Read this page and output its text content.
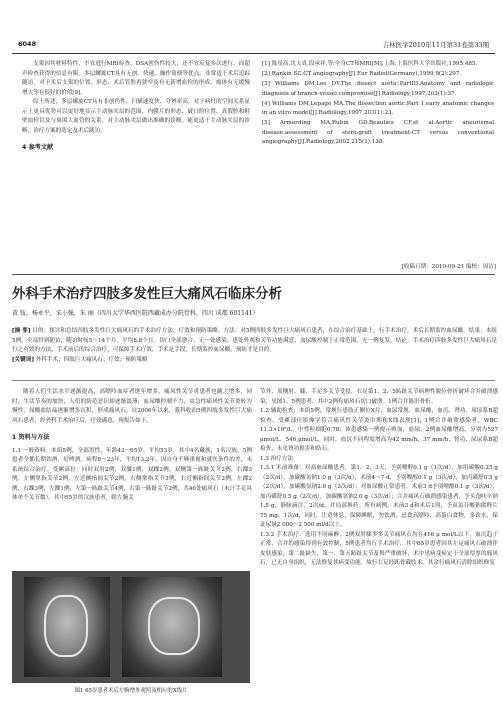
6048	吉林医学2010年11月第31卷第33期

支架因其材料特性，不宜进行MRI检查，DSA创伤性较大，还不宜反复多次进行。而超声检查获得的信息有限。多层螺旋CT具有无创、快速、操作简便等优点，非常适于术后追踪随访，对于术后支架的位置、形态、术后管腔再狭窄及有无新增血栓的形成、瘤体有无缓慢增大等有很好的价值[9]。

综上所述，多层螺旋CT具有非创伤性、扫描速度快、分辨率高，对于病灶的空间关系显示上更具优势可以更好地显示主动脉夹层的范围、内膜片的形态、破口的位置、真假腔和附壁血栓以及与周围大血管的关系，对主动脉夹层做出准确的诊断。能更适于主动脉夹层的诊断、治疗方案的选定及术后随访。

4 参考文献

[1] 陈星高,沈天真,段承祥,等.全身CT和MRI[M].上海:上海医科大学出版社,1995:485.

[2] Rankin SC.CT angiography[J].Eur Radiol(Germany),1999,9(2):297.

[3] Williams DM,Lee DY.The dissect aortic:PartIII.Anatomy and radiologic diagnosis of branch-vessel compromise[J].Radiology,1997,203(1):37.

[4] Williams DM,Lepage MA.The dissection aortic.Part 1.early anatomic changes in an vitro model[J].Radiology,1997,203(1):23.

[5] Armerding MA,Rubin GD,Beaulieu CF,et al.Aortic aneurismal disease:assessment of stent-graft treatment-CT versus conventional angiography[J].Radiology,2002,215(1):138.

[收稿日期：2010-09-21 编校：周洁]
外科手术治疗四肢多发性巨大痛风石临床分析
黄 铵，杨永平，宋小强，朱 丽（四川大学华西医院西藏成办分院骨科，四川 成都 601141）

[摘 要] 目的：探讨和总结四肢多发性巨大痛风石的手术治疗方法、疗效和预防策略。方法：对5例四肢多发性巨大痛风石患者，在综合治疗基础上，行手术治疗，术后长期监控血尿酸。结果：本组5例，全部得到随访，随访时间5～14个月，平均8.8个月。切口全部愈合。无一处感染，患处外观和关节功能满意，血尿酸控制于正常范围，无一例复发。结论：手术治疗四肢多发性巨大痛风石是行之有效的方法，手术前后的综合治疗，可保障手术疗效，手术是手段，长期监控血尿酸，预防才是目的。

[关键词] 外科手术；四肢巨大痛风石；疗效；预防策略

随着人们生活水平逐渐提高，高嘌呤血症者逐年增多，痛风性关节炎患者也随之增多，同时，生活节奏的加快，人们的防范意识却逐渐淡薄，血尿酸控制不力，由急性痛风性关节炎转为慢性，尿酸盐结晶逐渐增多沉积，形成痛风石。自2006年以来，我科收治5例四肢多发性巨大痛风石患者，经外科手术治疗后，疗效满意，现报告如下。

1 资料与方法

1.1 一般资料：本组5例，全部男性，年龄43～65岁，平均53岁，其中4名藏族，1名汉族。5例患者全都长期饮酒，好啤酒。病程8～23年，平均13.2年，因自身不够重视和就医条件的差，未系统综合治疗。受累部位：同时双肘2例，双膝1例，双踝2例，双侧第一跖趾关节2例，右踝3例，左侧掌指关节2例，左近侧指间关节2例，右侧掌指关节3例，右近侧指间关节2例，左踝2例，右踝3例，左踝1例，左第一跖趾关节4例，右第一跖趾关节2例，共40处痛风石（未计手足具体单个关节数）。其中65岁的汉族患者，除左腕关

图1 65岁患者术后左腕增外观照及相应的X线片

节外，双侧肘、膝、手足多关节受侵，右足第1、2、5跖趾关节病理性脱位骨折破坏合并破溃感染，见图1。5例患者，其中2例有痛风石切口破溃。1例合并陈旧骨折。

1.2 辅助检查：本组5例，常规行患肢正侧位X片，血尿常规、血尿酸，血沉、肾功、尿尿系B超检查，受累部位影像学符合痛风性关节炎中期和X线表现[1]；1例合并破溃感染者，WBC 11.3×10⁹/L，中性粒细胞0.78；该患感染一例提示败血，血尿：2例血尿酸增高，分别为527 μmol/L、546 μmol/L，同时，血沉不同程度增高为42 mm/h、37 mm/h；肾功，尿尿系B超检查，未见肾功损害和结石。

1.3 治疗方法

1.3.1 术前准备：对高血尿酸患者，第1、2、3天，予别嘌醇0.1 g（1次/d），加用碳酸0.25 g（2次/d），加碳酸氢钠1.0 g（3次/d），术前4～7 d，予别嘌醇0.1 g（3次/d），加丙磺舒0.5 g（2次/d），加碳酸氢钠2.0 g（3次/d）；对血尿酸正常患者，术前3 d予别嘌醇0.1 g（3次/d），加丙磺舒0.5 g（2次/d），加碳酸氢钠2.0 g（3次/d）；合并痛风石破溃感染患者，予头孢呋辛钠1.5 g，静脉滴注，2次/d，并局部换药；所有病例，术前3 d和术后1周，予双氯芬酸钠缓释片75 mg，1次/d，同时，注意休息，保障睡眠，勿饮酒，忌食高嘌呤、高蛋白食物，多饮水，保证尿量2 000～2 500 ml/d以上。

1.3.2 手术治疗：选用不同麻醉，2例双肘膝多多关节痛风石均在416 μ mol/L以下，血沉趋于正常，合并的感染得到有效控制，5例患者均行手术治疗，其中65岁患者因其左足痛风石破溃伴皮肤感染，第二趾缺失，第一、第五跖趾关节及拇严重破坏，术中见病变瘀定于全部厚厚的痛风石，已无自身组织，无法修复其病变功能，故行右足经跖骨截肢术，其余行痛风石清除组织修复
